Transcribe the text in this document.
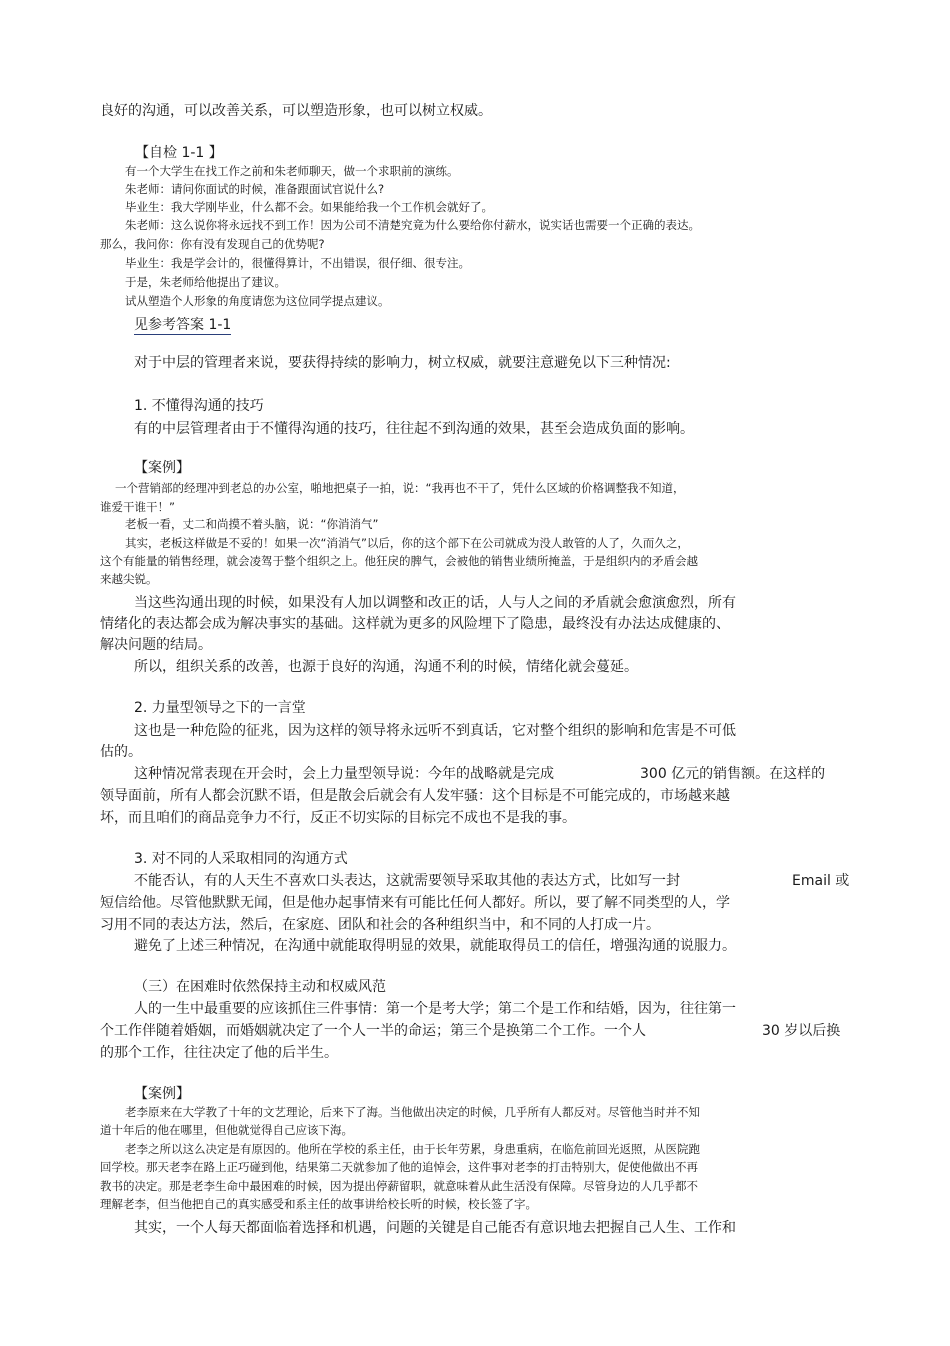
良好的沟通，可以改善关系，可以塑造形象，也可以树立权威。
【自检 1-1 】
有一个大学生在找工作之前和朱老师聊天，做一个求职前的演练。
朱老师：请问你面试的时候，准备跟面试官说什么?
毕业生：我大学刚毕业，什么都不会。如果能给我一个工作机会就好了。
朱老师：这么说你将永远找不到工作！因为公司不清楚究竟为什么要给你付薪水，说实话也需要一个正确的表达。
那么，我问你：你有没有发现自己的优势呢?
毕业生：我是学会计的，很懂得算计，不出错误，很仔细、很专注。
于是，朱老师给他提出了建议。
试从塑造个人形象的角度请您为这位同学提点建议。
见参考答案 1-1
对于中层的管理者来说，要获得持续的影响力，树立权威，就要注意避免以下三种情况:
1. 不懂得沟通的技巧
有的中层管理者由于不懂得沟通的技巧，往往起不到沟通的效果，甚至会造成负面的影响。
【案例】
一个营销部的经理冲到老总的办公室，啪地把桌子一拍，说：“我再也不干了，凭什么区域的价格调整我不知道，
谁爱干谁干！”
老板一看，丈二和尚摸不着头脑，说：“你消消气”
其实，老板这样做是不妥的！如果一次“消消气”以后，你的这个部下在公司就成为没人敢管的人了，久而久之，
这个有能量的销售经理，就会凌驾于整个组织之上。他狂戾的脾气，会被他的销售业绩所掩盖，于是组织内的矛盾会越
来越尖锐。
当这些沟通出现的时候，如果没有人加以调整和改正的话，人与人之间的矛盾就会愈演愈烈，所有
情绪化的表达都会成为解决事实的基础。这样就为更多的风险埋下了隐患，最终没有办法达成健康的、
解决问题的结局。
所以，组织关系的改善，也源于良好的沟通，沟通不利的时候，情绪化就会蔓延。
2. 力量型领导之下的一言堂
这也是一种危险的征兆，因为这样的领导将永远听不到真话，它对整个组织的影响和危害是不可低
估的。
这种情况常表现在开会时，会上力量型领导说：今年的战略就是完成	300 亿元的销售额。在这样的
领导面前，所有人都会沉默不语，但是散会后就会有人发牢骚：这个目标是不可能完成的，市场越来越
坏，而且咱们的商品竞争力不行，反正不切实际的目标完不成也不是我的事。
3. 对不同的人采取相同的沟通方式
不能否认，有的人天生不喜欢口头表达，这就需要领导采取其他的表达方式，比如写一封	Email 或
短信给他。尽管他默默无闻，但是他办起事情来有可能比任何人都好。所以，要了解不同类型的人，学
习用不同的表达方法，然后，在家庭、团队和社会的各种组织当中，和不同的人打成一片。
避免了上述三种情况，在沟通中就能取得明显的效果，就能取得员工的信任，增强沟通的说服力。
（三）在困难时依然保持主动和权威风范
人的一生中最重要的应该抓住三件事情：第一个是考大学；第二个是工作和结婚，因为，往往第一
个工作伴随着婚姻，而婚姻就决定了一个人一半的命运；第三个是换第二个工作。一个人	30 岁以后换
的那个工作，往往决定了他的后半生。
【案例】
老李原来在大学教了十年的文艺理论，后来下了海。当他做出决定的时候，几乎所有人都反对。尽管他当时并不知
道十年后的他在哪里，但他就觉得自己应该下海。
老李之所以这么决定是有原因的。他所在学校的系主任，由于长年劳累，身患重病，在临危前回光返照，从医院跑
回学校。那天老李在路上正巧碰到他，结果第二天就参加了他的追悼会，这件事对老李的打击特别大，促使他做出不再
教书的决定。那是老李生命中最困难的时候，因为提出停薪留职，就意味着从此生活没有保障。尽管身边的人几乎都不
理解老李，但当他把自己的真实感受和系主任的故事讲给校长听的时候，校长签了字。
其实，一个人每天都面临着选择和机遇，问题的关键是自己能否有意识地去把握自己人生、工作和
